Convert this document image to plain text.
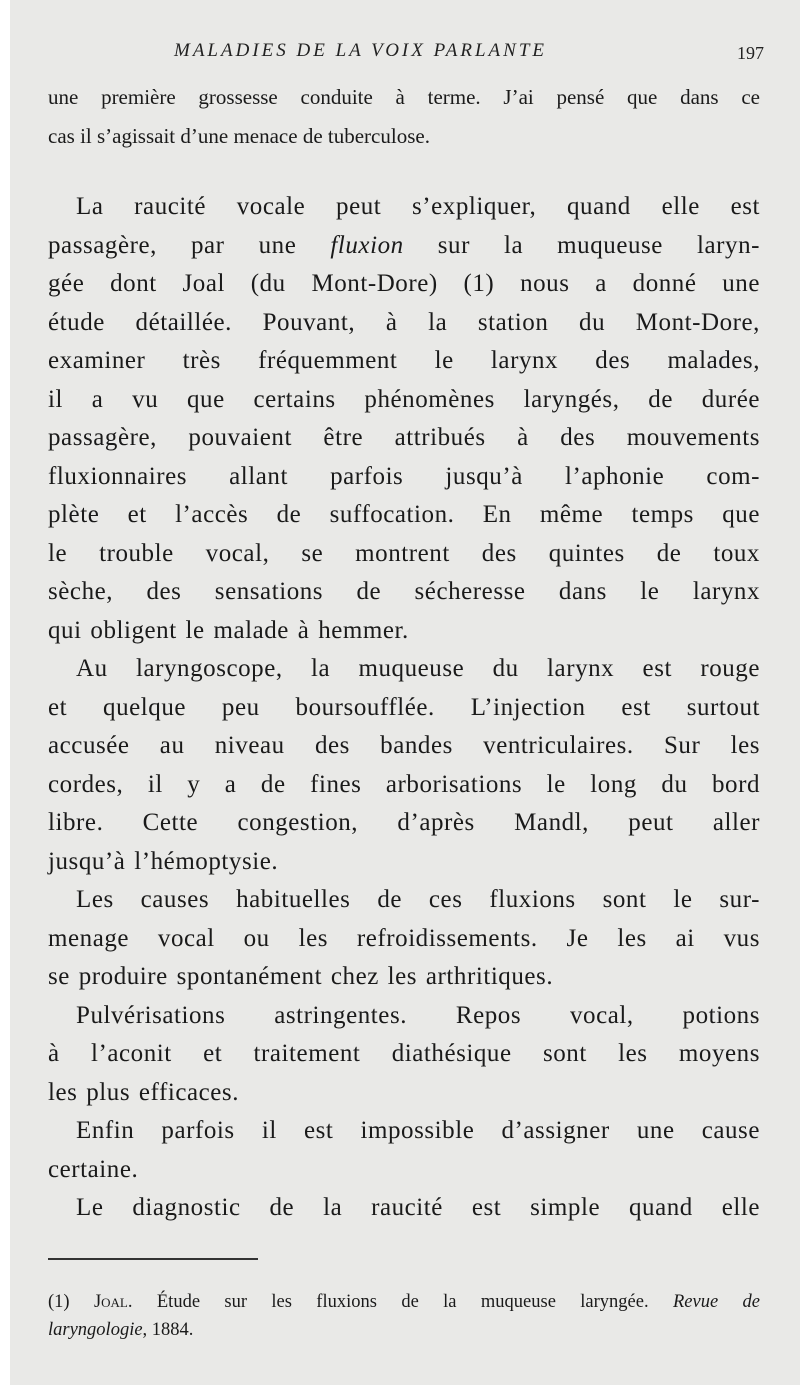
MALADIES DE LA VOIX PARLANTE	197
une première grossesse conduite à terme. J’ai pensé que dans ce
cas il s’agissait d’une menace de tuberculose.
La raucité vocale peut s’expliquer, quand elle est
passagère, par une fluxion sur la muqueuse laryn-
gée dont Joal (du Mont-Dore) (1) nous a donné une
étude détaillée. Pouvant, à la station du Mont-Dore,
examiner très fréquemment le larynx des malades,
il a vu que certains phénomènes laryngés, de durée
passagère, pouvaient être attribués à des mouvements
fluxionnaires allant parfois jusqu’à l’aphonie com-
plète et l’accès de suffocation. En même temps que
le trouble vocal, se montrent des quintes de toux
sèche, des sensations de sécheresse dans le larynx
qui obligent le malade à hemmer.
Au laryngoscope, la muqueuse du larynx est rouge
et quelque peu boursoufflée. L’injection est surtout
accusée au niveau des bandes ventriculaires. Sur les
cordes, il y a de fines arborisations le long du bord
libre. Cette congestion, d’après Mandl, peut aller
jusqu’à l’hémoptysie.
Les causes habituelles de ces fluxions sont le sur-
menage vocal ou les refroidissements. Je les ai vus
se produire spontanément chez les arthritiques.
Pulvérisations astringentes. Repos vocal, potions
à l’aconit et traitement diathésique sont les moyens
les plus efficaces.
Enfin parfois il est impossible d’assigner une cause
certaine.
Le diagnostic de la raucité est simple quand elle
(1) Joal. Étude sur les fluxions de la muqueuse laryngée. Revue de
laryngologie, 1884.
